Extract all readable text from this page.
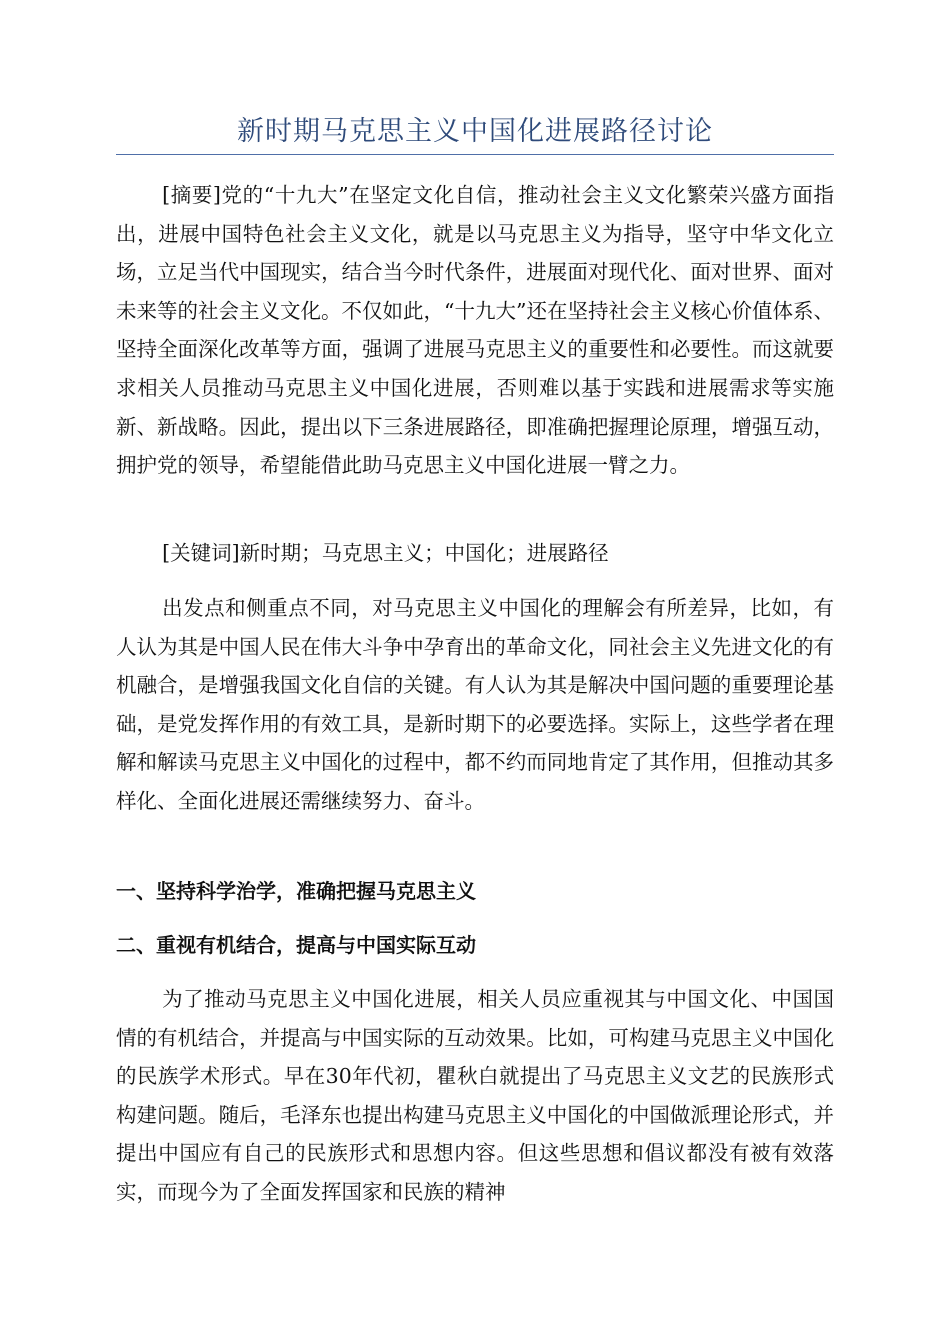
新时期马克思主义中国化进展路径讨论

[摘要]党的“十九大”在坚定文化自信，推动社会主义文化繁荣兴盛方面指出，进展中国特色社会主义文化，就是以马克思主义为指导，坚守中华文化立场，立足当代中国现实，结合当今时代条件，进展面对现代化、面对世界、面对未来等的社会主义文化。不仅如此，“十九大”还在坚持社会主义核心价值体系、坚持全面深化改革等方面，强调了进展马克思主义的重要性和必要性。而这就要求相关人员推动马克思主义中国化进展，否则难以基于实践和进展需求等实施新、新战略。因此，提出以下三条进展路径，即准确把握理论原理，增强互动，拥护党的领导，希望能借此助马克思主义中国化进展一臂之力。

[关键词]新时期；马克思主义；中国化；进展路径

出发点和侧重点不同，对马克思主义中国化的理解会有所差异，比如，有人认为其是中国人民在伟大斗争中孕育出的革命文化，同社会主义先进文化的有机融合，是增强我国文化自信的关键。有人认为其是解决中国问题的重要理论基础，是党发挥作用的有效工具，是新时期下的必要选择。实际上，这些学者在理解和解读马克思主义中国化的过程中，都不约而同地肯定了其作用，但推动其多样化、全面化进展还需继续努力、奋斗。

一、坚持科学治学，准确把握马克思主义
二、重视有机结合，提高与中国实际互动

为了推动马克思主义中国化进展，相关人员应重视其与中国文化、中国国情的有机结合，并提高与中国实际的互动效果。比如，可构建马克思主义中国化的民族学术形式。早在30年代初，瞿秋白就提出了马克思主义文艺的民族形式构建问题。随后，毛泽东也提出构建马克思主义中国化的中国做派理论形式，并提出中国应有自己的民族形式和思想内容。但这些思想和倡议都没有被有效落实，而现今为了全面发挥国家和民族的精神
